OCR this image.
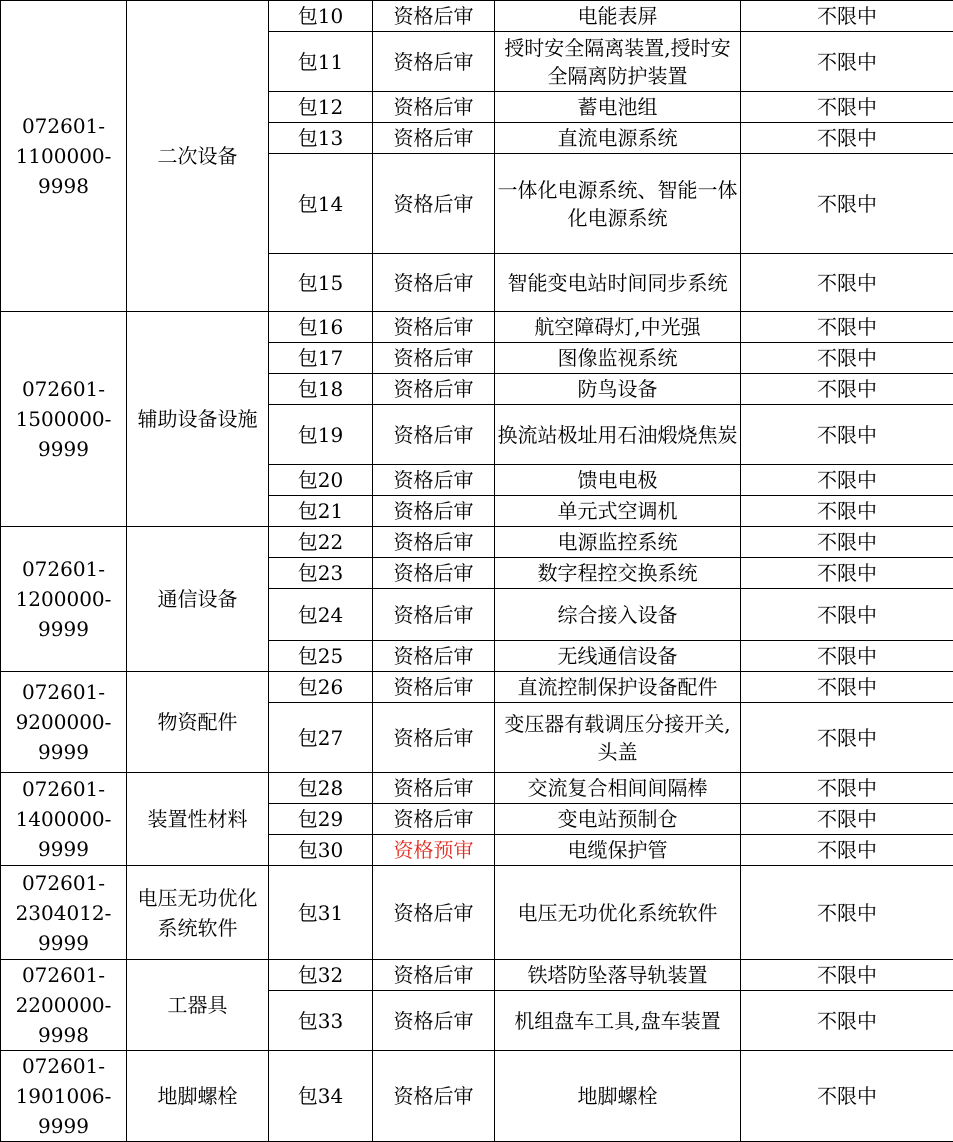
072601-
1100000-
9998	二次设备	包10	资格后审	电能表屏	不限中
		包11	资格后审	授时安全隔离装置,授时安全隔离防护装置	不限中
		包12	资格后审	蓄电池组	不限中
		包13	资格后审	直流电源系统	不限中
		包14	资格后审	一体化电源系统、智能一体化电源系统	不限中
		包15	资格后审	智能变电站时间同步系统	不限中

072601-
1500000-
9999	辅助设备设施	包16	资格后审	航空障碍灯,中光强	不限中
		包17	资格后审	图像监视系统	不限中
		包18	资格后审	防鸟设备	不限中
		包19	资格后审	换流站极址用石油煅烧焦炭	不限中
		包20	资格后审	馈电电极	不限中
		包21	资格后审	单元式空调机	不限中

072601-
1200000-
9999	通信设备	包22	资格后审	电源监控系统	不限中
		包23	资格后审	数字程控交换系统	不限中
		包24	资格后审	综合接入设备	不限中
		包25	资格后审	无线通信设备	不限中

072601-
9200000-
9999	物资配件	包26	资格后审	直流控制保护设备配件	不限中
		包27	资格后审	变压器有载调压分接开关,头盖	不限中

072601-
1400000-
9999	装置性材料	包28	资格后审	交流复合相间间隔棒	不限中
		包29	资格后审	变电站预制仓	不限中
		包30	资格预审	电缆保护管	不限中

072601-
2304012-
9999	电压无功优化系统软件	包31	资格后审	电压无功优化系统软件	不限中

072601-
2200000-
9998	工器具	包32	资格后审	铁塔防坠落导轨装置	不限中
		包33	资格后审	机组盘车工具,盘车装置	不限中

072601-
1901006-
9999	地脚螺栓	包34	资格后审	地脚螺栓	不限中
